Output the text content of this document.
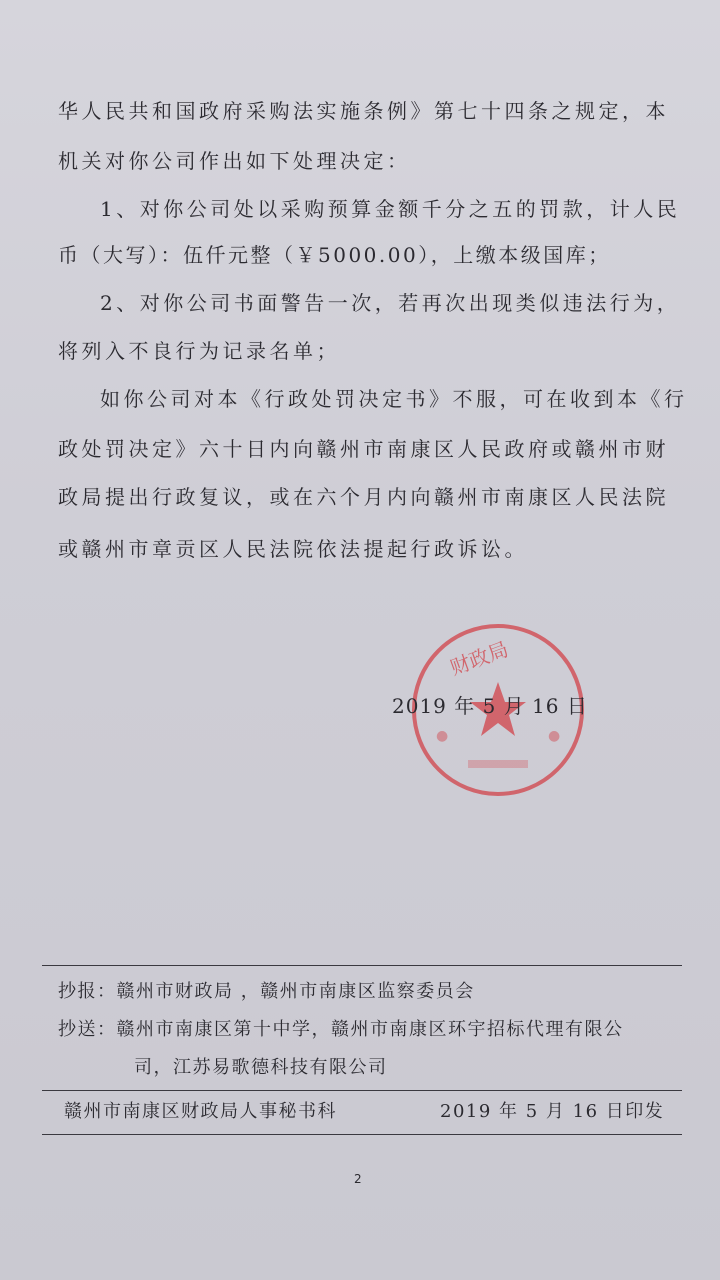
华人民共和国政府采购法实施条例》第七十四条之规定，本
机关对你公司作出如下处理决定：
1、对你公司处以采购预算金额千分之五的罚款，计人民
币（大写）：伍仟元整（￥5000.00），上缴本级国库；
2、对你公司书面警告一次，若再次出现类似违法行为，
将列入不良行为记录名单；
如你公司对本《行政处罚决定书》不服，可在收到本《行
政处罚决定》六十日内向赣州市南康区人民政府或赣州市财
政局提出行政复议，或在六个月内向赣州市南康区人民法院
或赣州市章贡区人民法院依法提起行政诉讼。
财政局
●	●
2019 年 5 月 16 日
抄报：赣州市财政局 ，赣州市南康区监察委员会
抄送：赣州市南康区第十中学，赣州市南康区环宇招标代理有限公
司，江苏易歌德科技有限公司
赣州市南康区财政局人事秘书科	2019 年 5 月 16 日印发
2
